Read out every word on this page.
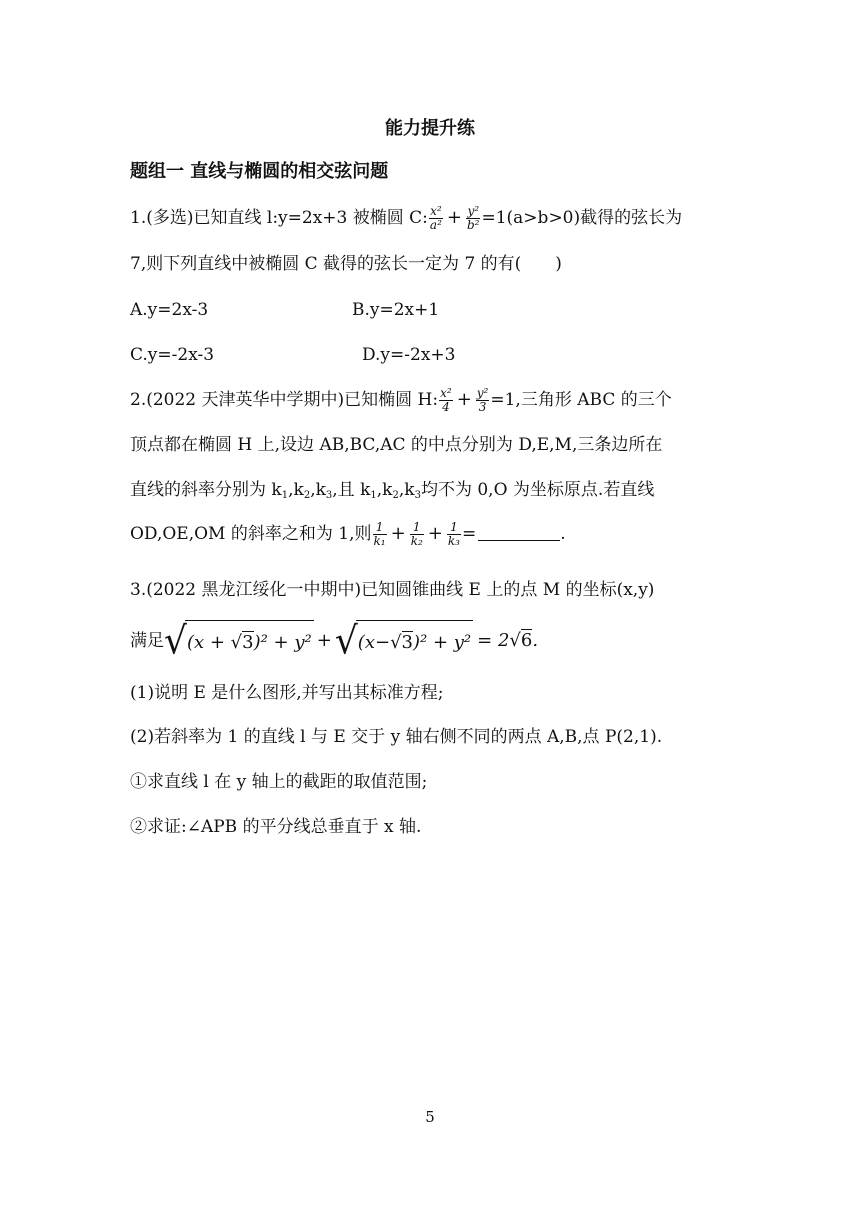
能力提升练
题组一 直线与椭圆的相交弦问题
1.(多选)已知直线 l:y=2x+3 被椭圆 C: $\frac{\text{x²}}{\text{a²}} + \frac{\text{y²}}{\text{b²}} =1(a>b>0)$截得的弦长为
7,则下列直线中被椭圆 C 截得的弦长一定为 7 的有(　　)
A.y=2x-3	B.y=2x+1
C.y=-2x-3	D.y=-2x+3
2.(2022 天津英华中学期中)已知椭圆 H: $\frac{\text{x²}}{4} + \frac{\text{y²}}{3} =1$,三角形 ABC 的三个
顶点都在椭圆 H 上,设边 AB,BC,AC 的中点分别为 D,E,M,三条边所在
直线的斜率分别为 $k_1,k_2,k_3$,且 $k_1,k_2,k_3$均不为 0,O 为坐标原点.若直线
OD,OE,OM 的斜率之和为 1,则 $\frac{1}{\text{k₁}} + \frac{1}{\text{k₂}} + \frac{1}{\text{k₃}}$ =	.
3.(2022 黑龙江绥化一中期中)已知圆锥曲线 E 上的点 M 的坐标(x,y)
满足√(x + √3)² + y² +√(x−√3)² + y² = 2√6.
(1)说明 E 是什么图形,并写出其标准方程;
(2)若斜率为 1 的直线 l 与 E 交于 y 轴右侧不同的两点 A,B,点 P(2,1).
①求直线 l 在 y 轴上的截距的取值范围;
②求证:∠APB 的平分线总垂直于 x 轴.
5
